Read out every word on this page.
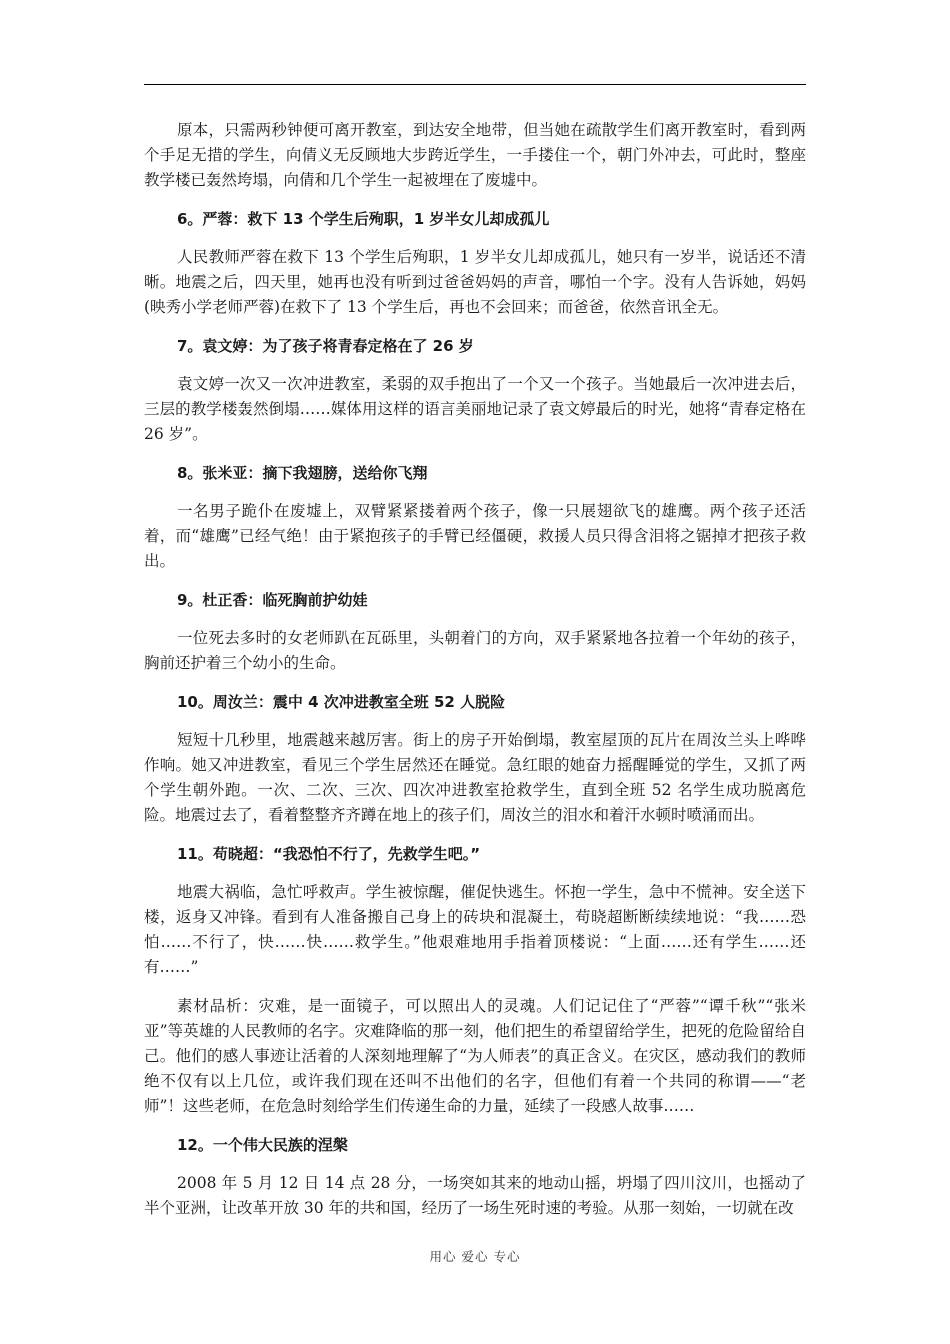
原本，只需两秒钟便可离开教室，到达安全地带，但当她在疏散学生们离开教室时，看到两个手足无措的学生，向倩义无反顾地大步跨近学生，一手搂住一个，朝门外冲去，可此时，整座教学楼已轰然垮塌，向倩和几个学生一起被埋在了废墟中。

6。严蓉：救下 13 个学生后殉职，1 岁半女儿却成孤儿

人民教师严蓉在救下 13 个学生后殉职，1 岁半女儿却成孤儿，她只有一岁半，说话还不清晰。地震之后，四天里，她再也没有听到过爸爸妈妈的声音，哪怕一个字。没有人告诉她，妈妈(映秀小学老师严蓉)在救下了 13 个学生后，再也不会回来；而爸爸，依然音讯全无。

7。袁文婷：为了孩子将青春定格在了 26 岁

袁文婷一次又一次冲进教室，柔弱的双手抱出了一个又一个孩子。当她最后一次冲进去后，三层的教学楼轰然倒塌……媒体用这样的语言美丽地记录了袁文婷最后的时光，她将“青春定格在 26 岁”。

8。张米亚：摘下我翅膀，送给你飞翔

一名男子跪仆在废墟上，双臂紧紧搂着两个孩子，像一只展翅欲飞的雄鹰。两个孩子还活着，而“雄鹰”已经气绝！由于紧抱孩子的手臂已经僵硬，救援人员只得含泪将之锯掉才把孩子救出。

9。杜正香：临死胸前护幼娃

一位死去多时的女老师趴在瓦砾里，头朝着门的方向，双手紧紧地各拉着一个年幼的孩子，胸前还护着三个幼小的生命。

10。周汝兰：震中 4 次冲进教室全班 52 人脱险

短短十几秒里，地震越来越厉害。街上的房子开始倒塌，教室屋顶的瓦片在周汝兰头上哗哗作响。她又冲进教室，看见三个学生居然还在睡觉。急红眼的她奋力摇醒睡觉的学生，又抓了两个学生朝外跑。一次、二次、三次、四次冲进教室抢救学生，直到全班 52 名学生成功脱离危险。地震过去了，看着整整齐齐蹲在地上的孩子们，周汝兰的泪水和着汗水顿时喷涌而出。

11。苟晓超：“我恐怕不行了，先救学生吧。”

地震大祸临，急忙呼救声。学生被惊醒，催促快逃生。怀抱一学生，急中不慌神。安全送下楼，返身又冲锋。看到有人准备搬自己身上的砖块和混凝土，苟晓超断断续续地说：“我……恐怕……不行了，快……快……救学生。”他艰难地用手指着顶楼说：“上面……还有学生……还有……”

素材品析：灾难，是一面镜子，可以照出人的灵魂。人们记记住了“严蓉”“谭千秋”“张米亚”等英雄的人民教师的名字。灾难降临的那一刻，他们把生的希望留给学生，把死的危险留给自己。他们的感人事迹让活着的人深刻地理解了“为人师表”的真正含义。在灾区，感动我们的教师绝不仅有以上几位，或许我们现在还叫不出他们的名字，但他们有着一个共同的称谓——“老师”！这些老师，在危急时刻给学生们传递生命的力量，延续了一段感人故事……

12。一个伟大民族的涅槃

2008 年 5 月 12 日 14 点 28 分，一场突如其来的地动山摇，坍塌了四川汶川，也摇动了半个亚洲，让改革开放 30 年的共和国，经历了一场生死时速的考验。从那一刻始，一切就在改

用心 爱心 专心
